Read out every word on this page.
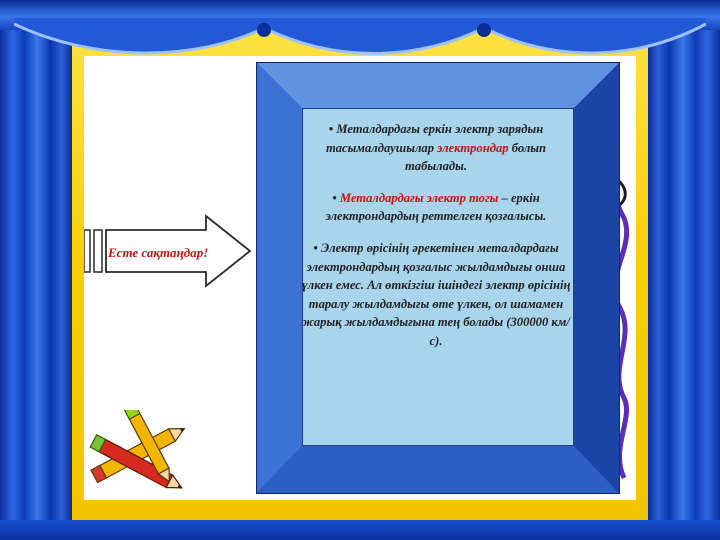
• Металдардағы еркін электр зарядын тасымалдаушылар электрондар болып табылады.

• Металдардағы электр тогы – еркін электрондардың реттелген қозғалысы.

• Электр өрісінің әрекетінен металдардағы электрондардың қозғалыс жылдамдығы онша үлкен емес. Ал өткізгіш ішіндегі электр өрісінің таралу жылдамдығы өте үлкен, ол шамамен жарық жылдамдығына тең болады (300000 км/с).

Есте сақтаңдар!
